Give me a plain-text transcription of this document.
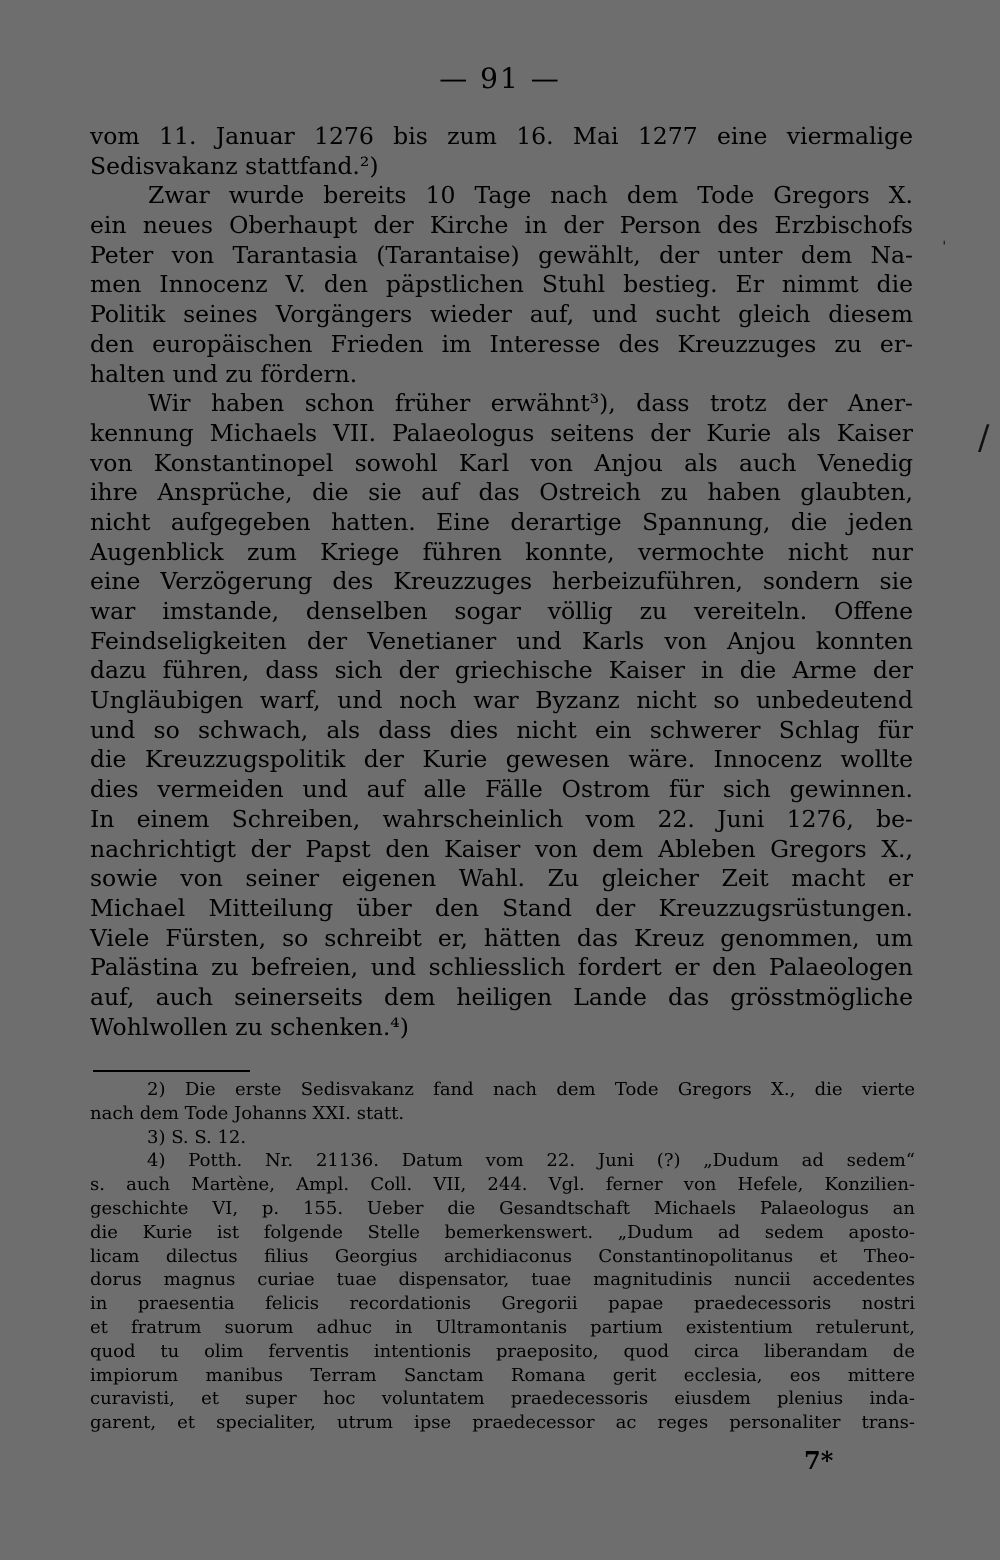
— 91 —
ˈ
/
vom 11. Januar 1276 bis zum 16. Mai 1277 eine viermalige
Sedisvakanz stattfand.²)
Zwar wurde bereits 10 Tage nach dem Tode Gregors X.
ein neues Oberhaupt der Kirche in der Person des Erzbischofs
Peter von Tarantasia (Tarantaise) gewählt, der unter dem Na-
men Innocenz V. den päpstlichen Stuhl bestieg. Er nimmt die
Politik seines Vorgängers wieder auf, und sucht gleich diesem
den europäischen Frieden im Interesse des Kreuzzuges zu er-
halten und zu fördern.
Wir haben schon früher erwähnt³), dass trotz der Aner-
kennung Michaels VII. Palaeologus seitens der Kurie als Kaiser
von Konstantinopel sowohl Karl von Anjou als auch Venedig
ihre Ansprüche, die sie auf das Ostreich zu haben glaubten,
nicht aufgegeben hatten. Eine derartige Spannung, die jeden
Augenblick zum Kriege führen konnte, vermochte nicht nur
eine Verzögerung des Kreuzzuges herbeizuführen, sondern sie
war imstande, denselben sogar völlig zu vereiteln. Offene
Feindseligkeiten der Venetianer und Karls von Anjou konnten
dazu führen, dass sich der griechische Kaiser in die Arme der
Ungläubigen warf, und noch war Byzanz nicht so unbedeutend
und so schwach, als dass dies nicht ein schwerer Schlag für
die Kreuzzugspolitik der Kurie gewesen wäre. Innocenz wollte
dies vermeiden und auf alle Fälle Ostrom für sich gewinnen.
In einem Schreiben, wahrscheinlich vom 22. Juni 1276, be-
nachrichtigt der Papst den Kaiser von dem Ableben Gregors X.,
sowie von seiner eigenen Wahl. Zu gleicher Zeit macht er
Michael Mitteilung über den Stand der Kreuzzugsrüstungen.
Viele Fürsten, so schreibt er, hätten das Kreuz genommen, um
Palästina zu befreien, und schliesslich fordert er den Palaeologen
auf, auch seinerseits dem heiligen Lande das grösstmögliche
Wohlwollen zu schenken.⁴)
2) Die erste Sedisvakanz fand nach dem Tode Gregors X., die vierte
nach dem Tode Johanns XXI. statt.
3) S. S. 12.
4) Potth. Nr. 21136. Datum vom 22. Juni (?) „Dudum ad sedem“
s. auch Martène, Ampl. Coll. VII, 244. Vgl. ferner von Hefele, Konzilien-
geschichte VI, p. 155. Ueber die Gesandtschaft Michaels Palaeologus an
die Kurie ist folgende Stelle bemerkenswert. „Dudum ad sedem aposto-
licam dilectus filius Georgius archidiaconus Constantinopolitanus et Theo-
dorus magnus curiae tuae dispensator, tuae magnitudinis nuncii accedentes
in praesentia felicis recordationis Gregorii papae praedecessoris nostri
et fratrum suorum adhuc in Ultramontanis partium existentium retulerunt,
quod tu olim ferventis intentionis praeposito, quod circa liberandam de
impiorum manibus Terram Sanctam Romana gerit ecclesia, eos mittere
curavisti, et super hoc voluntatem praedecessoris eiusdem plenius inda-
garent, et specialiter, utrum ipse praedecessor ac reges personaliter trans-
7*
